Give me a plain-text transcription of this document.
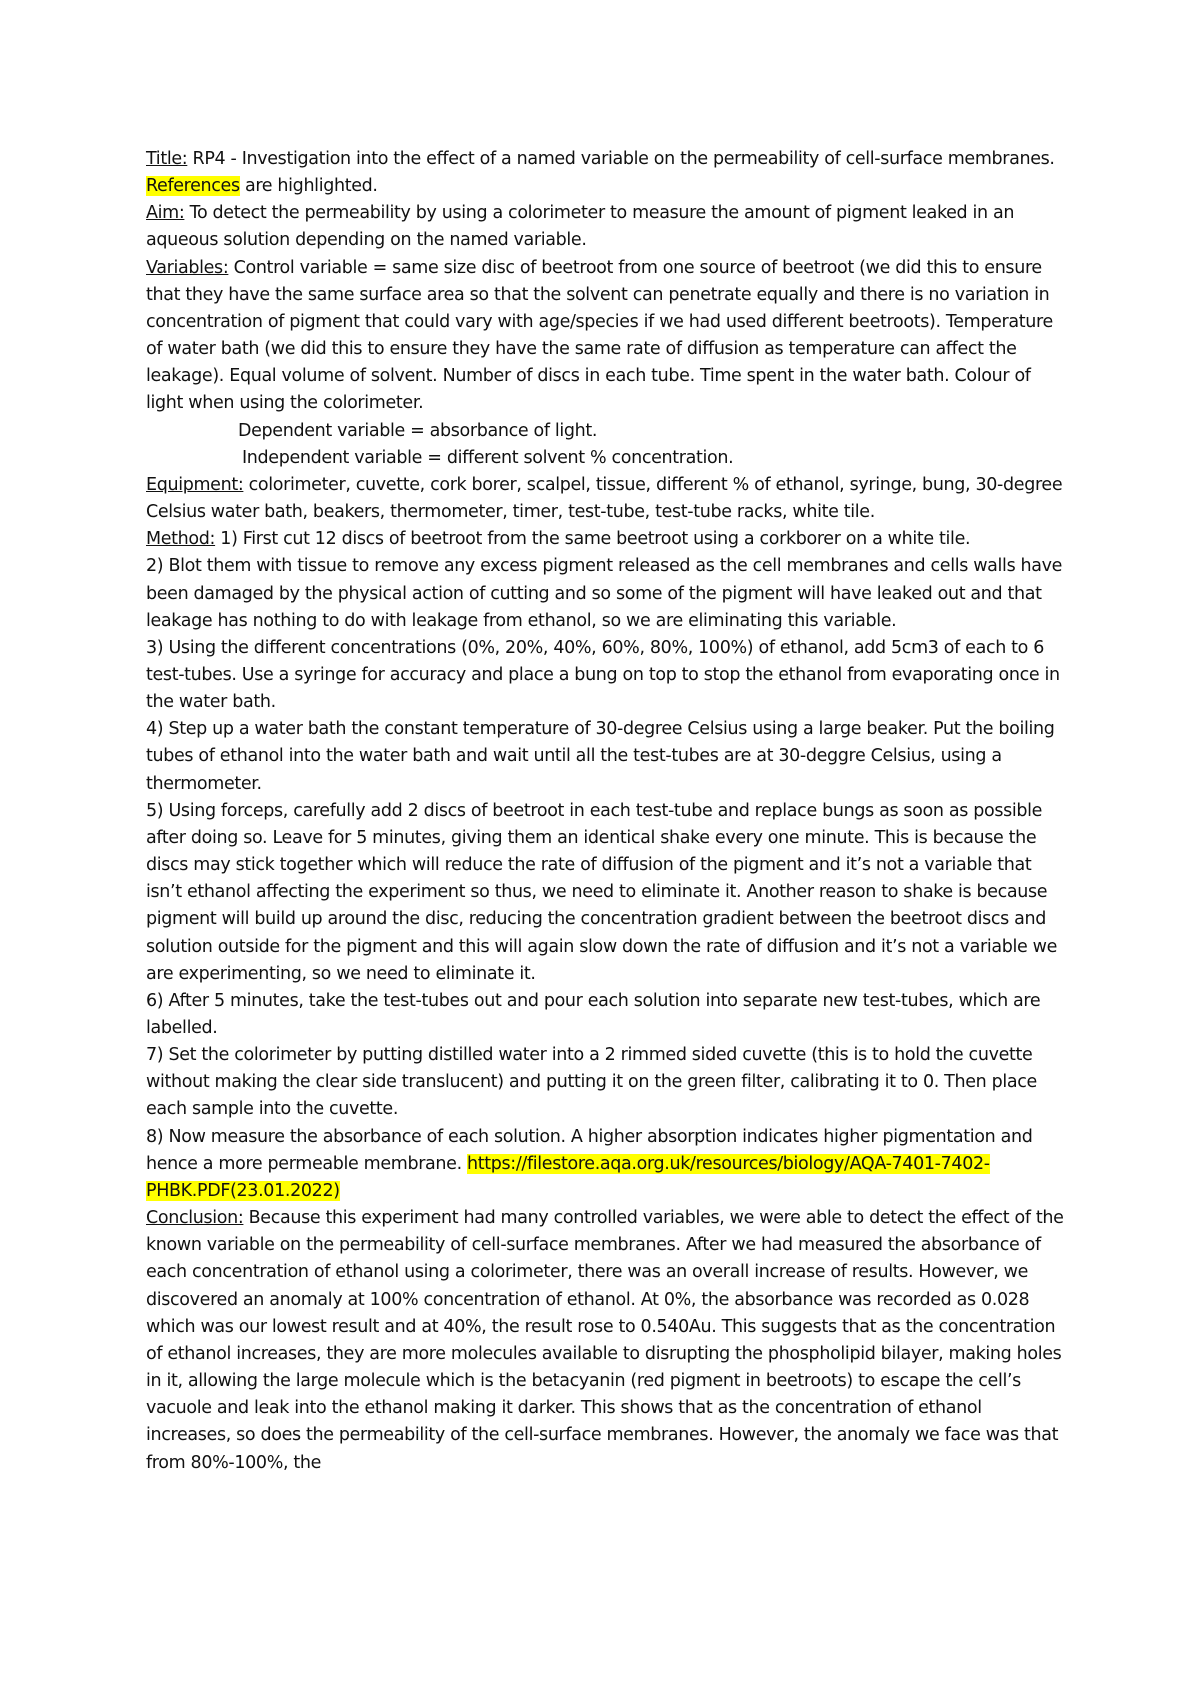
Title: RP4 - Investigation into the effect of a named variable on the permeability of cell-surface membranes.

References are highlighted.

Aim: To detect the permeability by using a colorimeter to measure the amount of pigment leaked in an aqueous solution depending on the named variable.

Variables: Control variable = same size disc of beetroot from one source of beetroot (we did this to ensure that they have the same surface area so that the solvent can penetrate equally and there is no variation in concentration of pigment that could vary with age/species if we had used different beetroots). Temperature of water bath (we did this to ensure they have the same rate of diffusion as temperature can affect the leakage). Equal volume of solvent. Number of discs in each tube. Time spent in the water bath. Colour of light when using the colorimeter.

Dependent variable = absorbance of light.

Independent variable = different solvent % concentration.

Equipment: colorimeter, cuvette, cork borer, scalpel, tissue, different % of ethanol, syringe, bung, 30-degree Celsius water bath, beakers, thermometer, timer, test-tube, test-tube racks, white tile.

Method: 1) First cut 12 discs of beetroot from the same beetroot using a corkborer on a white tile.

2) Blot them with tissue to remove any excess pigment released as the cell membranes and cells walls have been damaged by the physical action of cutting and so some of the pigment will have leaked out and that leakage has nothing to do with leakage from ethanol, so we are eliminating this variable.

3) Using the different concentrations (0%, 20%, 40%, 60%, 80%, 100%) of ethanol, add 5cm3 of each to 6 test-tubes. Use a syringe for accuracy and place a bung on top to stop the ethanol from evaporating once in the water bath.

4) Step up a water bath the constant temperature of 30-degree Celsius using a large beaker. Put the boiling tubes of ethanol into the water bath and wait until all the test-tubes are at 30-deggre Celsius, using a thermometer.

5) Using forceps, carefully add 2 discs of beetroot in each test-tube and replace bungs as soon as possible after doing so. Leave for 5 minutes, giving them an identical shake every one minute. This is because the discs may stick together which will reduce the rate of diffusion of the pigment and it’s not a variable that isn’t ethanol affecting the experiment so thus, we need to eliminate it. Another reason to shake is because pigment will build up around the disc, reducing the concentration gradient between the beetroot discs and solution outside for the pigment and this will again slow down the rate of diffusion and it’s not a variable we are experimenting, so we need to eliminate it.

6) After 5 minutes, take the test-tubes out and pour each solution into separate new test-tubes, which are labelled.

7) Set the colorimeter by putting distilled water into a 2 rimmed sided cuvette (this is to hold the cuvette without making the clear side translucent) and putting it on the green filter, calibrating it to 0. Then place each sample into the cuvette.

8) Now measure the absorbance of each solution. A higher absorption indicates higher pigmentation and hence a more permeable membrane. https://filestore.aqa.org.uk/resources/biology/AQA-7401-7402-PHBK.PDF(23.01.2022)

Conclusion: Because this experiment had many controlled variables, we were able to detect the effect of the known variable on the permeability of cell-surface membranes. After we had measured the absorbance of each concentration of ethanol using a colorimeter, there was an overall increase of results. However, we discovered an anomaly at 100% concentration of ethanol. At 0%, the absorbance was recorded as 0.028 which was our lowest result and at 40%, the result rose to 0.540Au. This suggests that as the concentration of ethanol increases, they are more molecules available to disrupting the phospholipid bilayer, making holes in it, allowing the large molecule which is the betacyanin (red pigment in beetroots) to escape the cell’s vacuole and leak into the ethanol making it darker. This shows that as the concentration of ethanol increases, so does the permeability of the cell-surface membranes. However, the anomaly we face was that from 80%-100%, the
